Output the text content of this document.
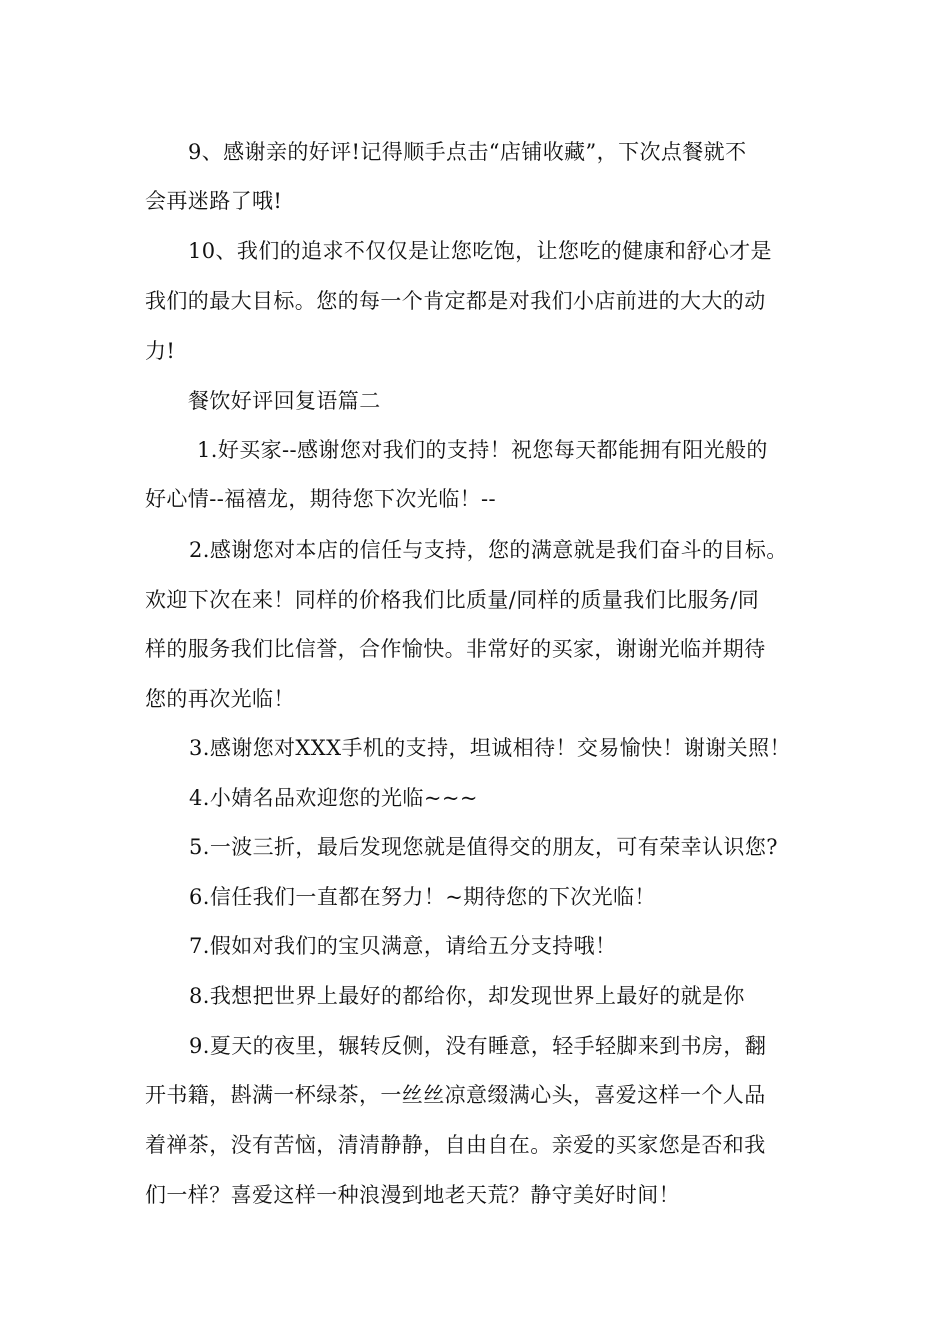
9、感谢亲的好评!记得顺手点击“店铺收藏”，下次点餐就不
会再迷路了哦!
10、我们的追求不仅仅是让您吃饱，让您吃的健康和舒心才是
我们的最大目标。您的每一个肯定都是对我们小店前进的大大的动
力!
餐饮好评回复语篇二
1.好买家--感谢您对我们的支持！祝您每天都能拥有阳光般的
好心情--福禧龙，期待您下次光临！--
2.感谢您对本店的信任与支持，您的满意就是我们奋斗的目标。
欢迎下次在来！同样的价格我们比质量/同样的质量我们比服务/同
样的服务我们比信誉，合作愉快。非常好的买家，谢谢光临并期待
您的再次光临！
3.感谢您对XXX手机的支持，坦诚相待！交易愉快！谢谢关照！
4.小婧名品欢迎您的光临~~~
5.一波三折，最后发现您就是值得交的朋友，可有荣幸认识您?
6.信任我们一直都在努力！~期待您的下次光临！
7.假如对我们的宝贝满意，请给五分支持哦！
8.我想把世界上最好的都给你，却发现世界上最好的就是你
9.夏天的夜里，辗转反侧，没有睡意，轻手轻脚来到书房，翻
开书籍，斟满一杯绿茶，一丝丝凉意缀满心头，喜爱这样一个人品
着禅茶，没有苦恼，清清静静，自由自在。亲爱的买家您是否和我
们一样？喜爱这样一种浪漫到地老天荒？静守美好时间！
